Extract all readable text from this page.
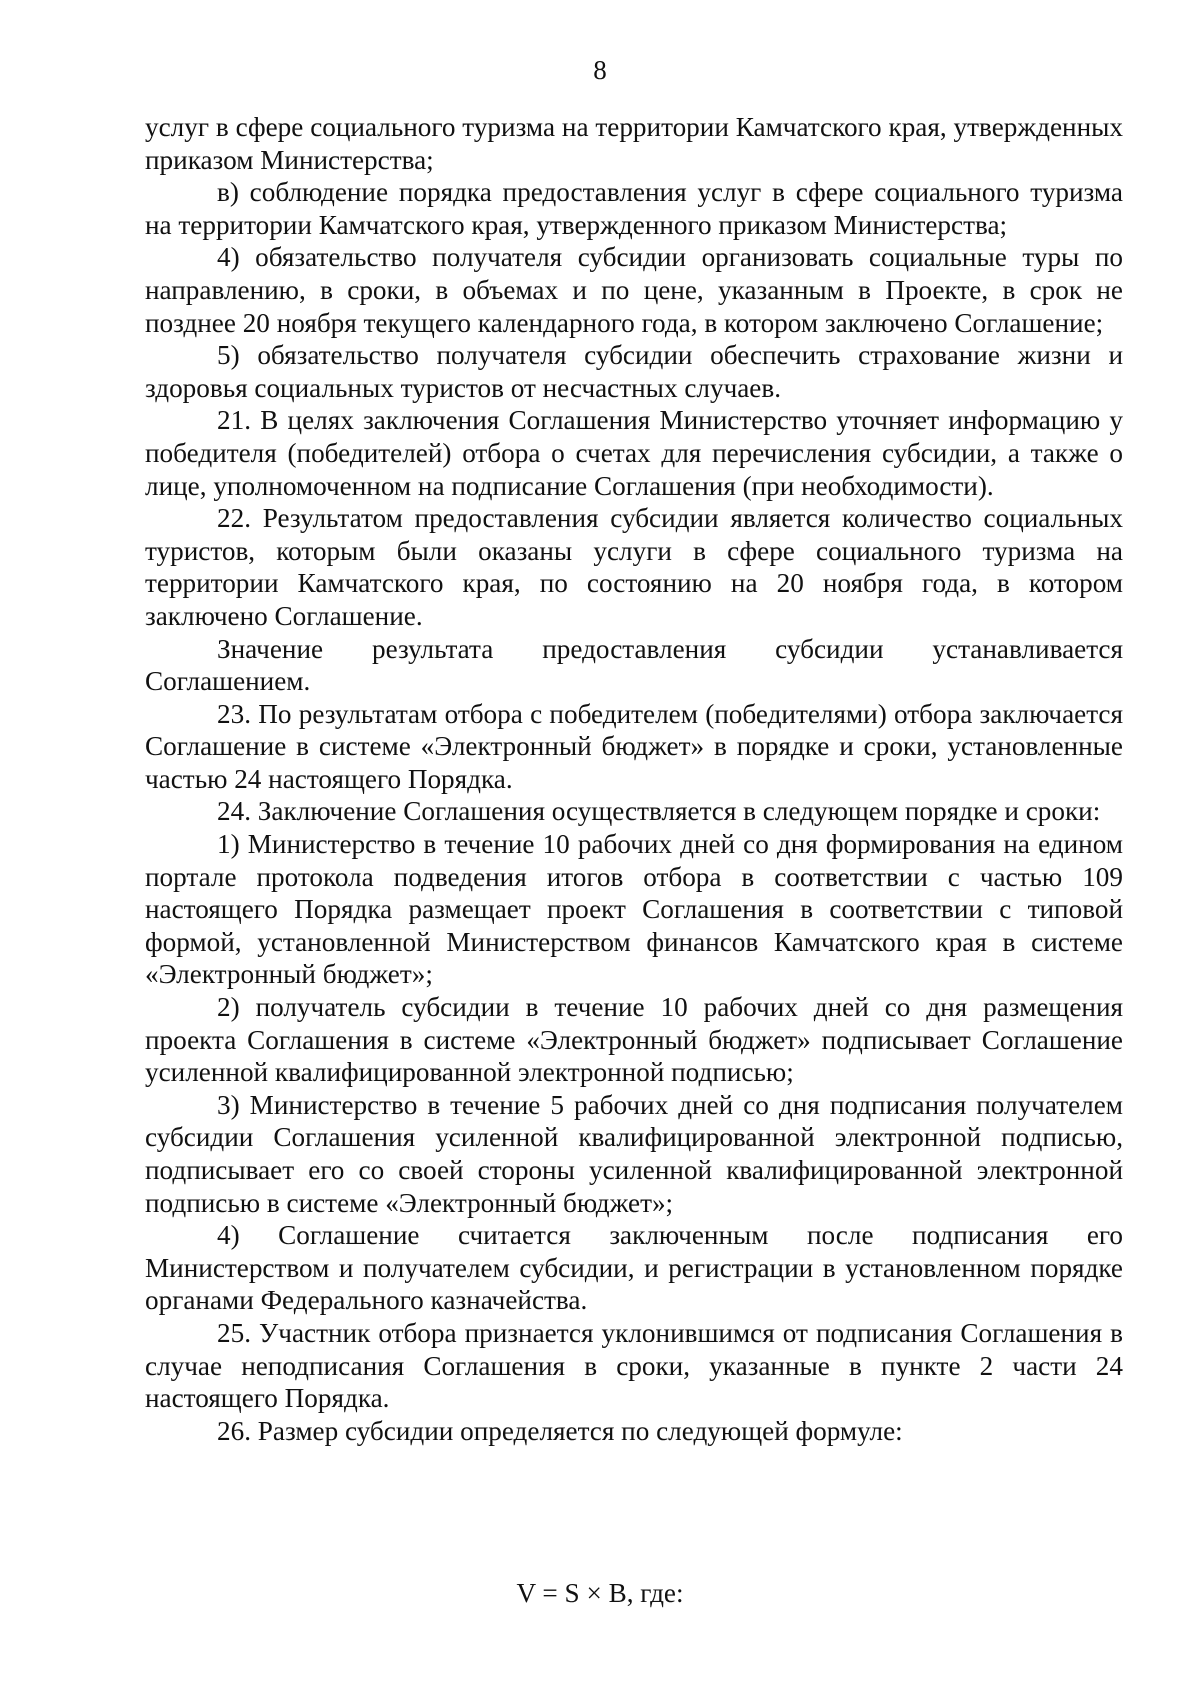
8

услуг в сфере социального туризма на территории Камчатского края, утвержденных приказом Министерства;

в) соблюдение порядка предоставления услуг в сфере социального туризма на территории Камчатского края, утвержденного приказом Министерства;

4) обязательство получателя субсидии организовать социальные туры по направлению, в сроки, в объемах и по цене, указанным в Проекте, в срок не позднее 20 ноября текущего календарного года, в котором заключено Соглашение;

5) обязательство получателя субсидии обеспечить страхование жизни и здоровья социальных туристов от несчастных случаев.

21. В целях заключения Соглашения Министерство уточняет информацию у победителя (победителей) отбора о счетах для перечисления субсидии, а также о лице, уполномоченном на подписание Соглашения (при необходимости).

22. Результатом предоставления субсидии является количество социальных туристов, которым были оказаны услуги в сфере социального туризма на территории Камчатского края, по состоянию на 20 ноября года, в котором заключено Соглашение.

Значение результата предоставления субсидии устанавливается Соглашением.

23. По результатам отбора с победителем (победителями) отбора заключается Соглашение в системе «Электронный бюджет» в порядке и сроки, установленные частью 24 настоящего Порядка.

24. Заключение Соглашения осуществляется в следующем порядке и сроки:

1) Министерство в течение 10 рабочих дней со дня формирования на едином портале протокола подведения итогов отбора в соответствии с частью 109 настоящего Порядка размещает проект Соглашения в соответствии с типовой формой, установленной Министерством финансов Камчатского края в системе «Электронный бюджет»;

2) получатель субсидии в течение 10 рабочих дней со дня размещения проекта Соглашения в системе «Электронный бюджет» подписывает Соглашение усиленной квалифицированной электронной подписью;

3) Министерство в течение 5 рабочих дней со дня подписания получателем субсидии Соглашения усиленной квалифицированной электронной подписью, подписывает его со своей стороны усиленной квалифицированной электронной подписью в системе «Электронный бюджет»;

4) Соглашение считается заключенным после подписания его Министерством и получателем субсидии, и регистрации в установленном порядке органами Федерального казначейства.

25. Участник отбора признается уклонившимся от подписания Соглашения в случае неподписания Соглашения в сроки, указанные в пункте 2 части 24 настоящего Порядка.

26. Размер субсидии определяется по следующей формуле:

V = S × B, где:
